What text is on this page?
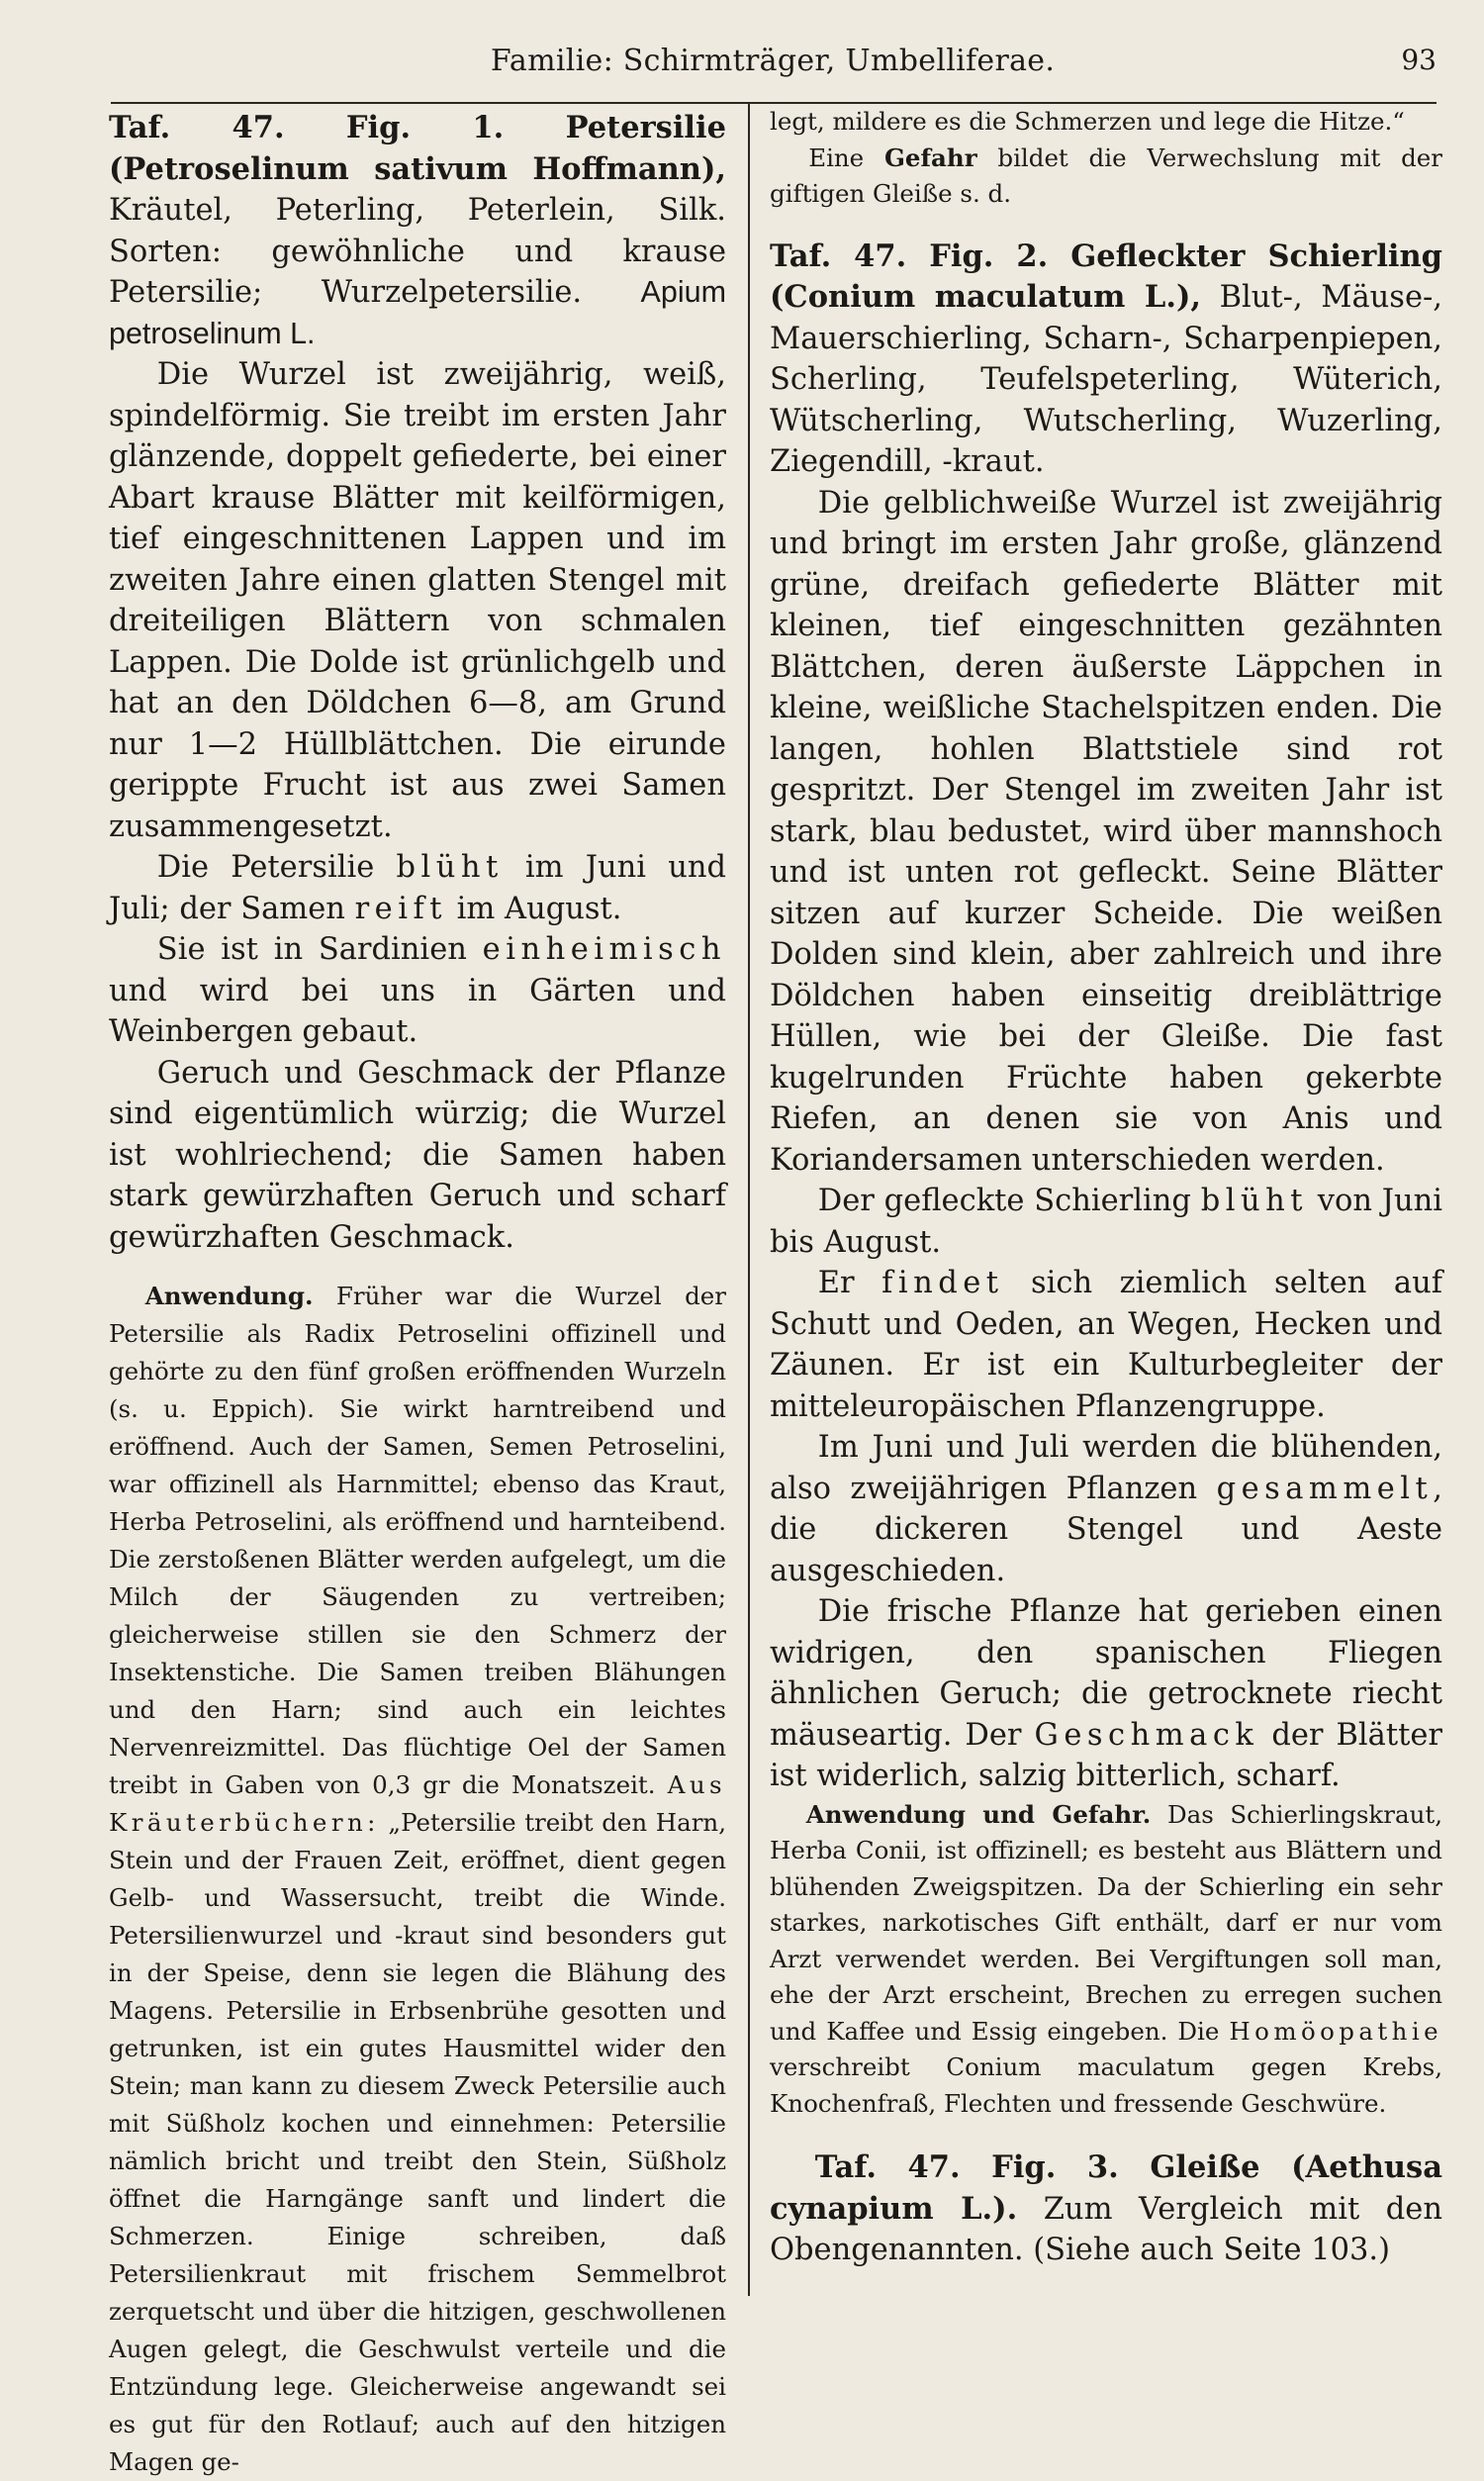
Familie: Schirmträger, Umbelliferae.	93

Taf. 47. Fig. 1. Petersilie (Petroselinum sativum Hoffmann), Kräutel, Peterling, Peterlein, Silk. Sorten: gewöhnliche und krause Petersilie; Wurzelpetersilie. Apium petroselinum L.

Die Wurzel ist zweijährig, weiß, spindelförmig. Sie treibt im ersten Jahr glänzende, doppelt gefiederte, bei einer Abart krause Blätter mit keilförmigen, tief eingeschnittenen Lappen und im zweiten Jahre einen glatten Stengel mit dreiteiligen Blättern von schmalen Lappen. Die Dolde ist grünlichgelb und hat an den Döldchen 6—8, am Grund nur 1—2 Hüllblättchen. Die eirunde gerippte Frucht ist aus zwei Samen zusammengesetzt.

Die Petersilie blüht im Juni und Juli; der Samen reift im August.

Sie ist in Sardinien einheimisch und wird bei uns in Gärten und Weinbergen gebaut.

Geruch und Geschmack der Pflanze sind eigentümlich würzig; die Wurzel ist wohlriechend; die Samen haben stark gewürzhaften Geruch und scharf gewürzhaften Geschmack.

Anwendung. Früher war die Wurzel der Petersilie als Radix Petroselini offizinell und gehörte zu den fünf großen eröffnenden Wurzeln (s. u. Eppich). Sie wirkt harntreibend und eröffnend. Auch der Samen, Semen Petroselini, war offizinell als Harnmittel; ebenso das Kraut, Herba Petroselini, als eröffnend und harnteibend. Die zerstoßenen Blätter werden aufgelegt, um die Milch der Säugenden zu vertreiben; gleicherweise stillen sie den Schmerz der Insektenstiche. Die Samen treiben Blähungen und den Harn; sind auch ein leichtes Nervenreizmittel. Das flüchtige Oel der Samen treibt in Gaben von 0,3 gr die Monatszeit. Aus Kräuterbüchern: „Petersilie treibt den Harn, Stein und der Frauen Zeit, eröffnet, dient gegen Gelb- und Wassersucht, treibt die Winde. Petersilienwurzel und -kraut sind besonders gut in der Speise, denn sie legen die Blähung des Magens. Petersilie in Erbsenbrühe gesotten und getrunken, ist ein gutes Hausmittel wider den Stein; man kann zu diesem Zweck Petersilie auch mit Süßholz kochen und einnehmen: Petersilie nämlich bricht und treibt den Stein, Süßholz öffnet die Harngänge sanft und lindert die Schmerzen. Einige schreiben, daß Petersilienkraut mit frischem Semmelbrot zerquetscht und über die hitzigen, geschwollenen Augen gelegt, die Geschwulst verteile und die Entzündung lege. Gleicherweise angewandt sei es gut für den Rotlauf; auch auf den hitzigen Magen ge-

legt, mildere es die Schmerzen und lege die Hitze.“

Eine Gefahr bildet die Verwechslung mit der giftigen Gleiße s. d.

Taf. 47. Fig. 2. Gefleckter Schierling (Conium maculatum L.), Blut-, Mäuse-, Mauerschierling, Scharn-, Scharpenpiepen, Scherling, Teufelspeterling, Wüterich, Wütscherling, Wutscherling, Wuzerling, Ziegendill, -kraut.

Die gelblichweiße Wurzel ist zweijährig und bringt im ersten Jahr große, glänzend grüne, dreifach gefiederte Blätter mit kleinen, tief eingeschnitten gezähnten Blättchen, deren äußerste Läppchen in kleine, weißliche Stachelspitzen enden. Die langen, hohlen Blattstiele sind rot gespritzt. Der Stengel im zweiten Jahr ist stark, blau bedustet, wird über mannshoch und ist unten rot gefleckt. Seine Blätter sitzen auf kurzer Scheide. Die weißen Dolden sind klein, aber zahlreich und ihre Döldchen haben einseitig dreiblättrige Hüllen, wie bei der Gleiße. Die fast kugelrunden Früchte haben gekerbte Riefen, an denen sie von Anis und Koriandersamen unterschieden werden.

Der gefleckte Schierling blüht von Juni bis August.

Er findet sich ziemlich selten auf Schutt und Oeden, an Wegen, Hecken und Zäunen. Er ist ein Kulturbegleiter der mitteleuropäischen Pflanzengruppe.

Im Juni und Juli werden die blühenden, also zweijährigen Pflanzen gesammelt, die dickeren Stengel und Aeste ausgeschieden.

Die frische Pflanze hat gerieben einen widrigen, den spanischen Fliegen ähnlichen Geruch; die getrocknete riecht mäuseartig. Der Geschmack der Blätter ist widerlich, salzig bitterlich, scharf.

Anwendung und Gefahr. Das Schierlingskraut, Herba Conii, ist offizinell; es besteht aus Blättern und blühenden Zweigspitzen. Da der Schierling ein sehr starkes, narkotisches Gift enthält, darf er nur vom Arzt verwendet werden. Bei Vergiftungen soll man, ehe der Arzt erscheint, Brechen zu erregen suchen und Kaffee und Essig eingeben. Die Homöopathie verschreibt Conium maculatum gegen Krebs, Knochenfraß, Flechten und fressende Geschwüre.

Taf. 47. Fig. 3. Gleiße (Aethusa cynapium L.). Zum Vergleich mit den Obengenannten. (Siehe auch Seite 103.)
